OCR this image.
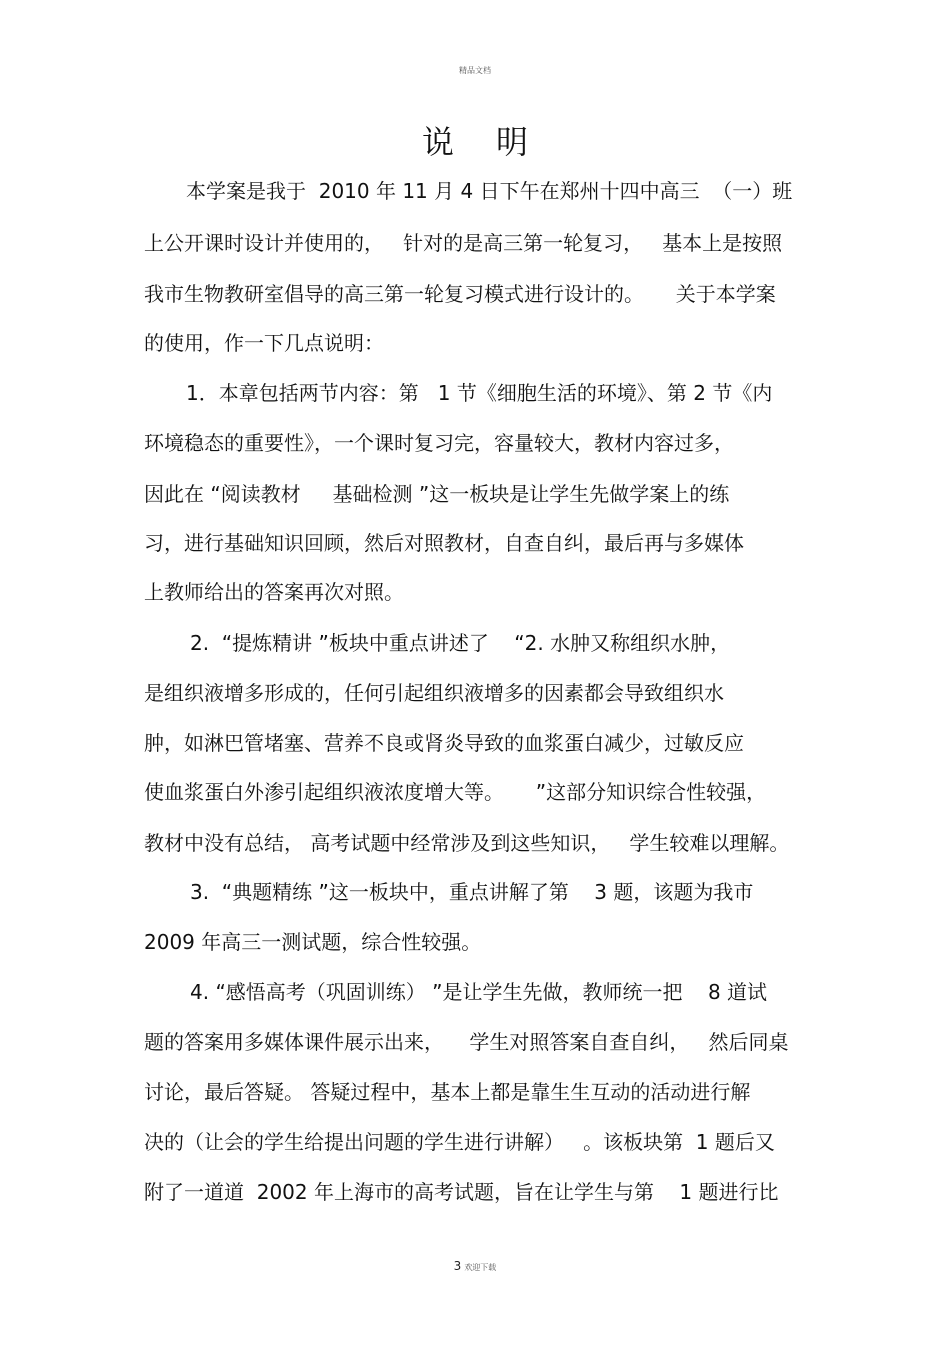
精品文档
说明
本学案是我于  2010 年 11 月 4 日下午在郑州十四中高三  （一）班
上公开课时设计并使用的，   针对的是高三第一轮复习，   基本上是按照
我市生物教研室倡导的高三第一轮复习模式进行设计的。     关于本学案
的使用，作一下几点说明：
1．本章包括两节内容：第   1 节《细胞生活的环境》、第 2 节《内
环境稳态的重要性》，一个课时复习完，容量较大，教材内容过多，
因此在 “阅读教材     基础检测 ”这一板块是让学生先做学案上的练
习，进行基础知识回顾，然后对照教材，自查自纠，最后再与多媒体
上教师给出的答案再次对照。
2.  “提炼精讲 ”板块中重点讲述了    “2. 水肿又称组织水肿，
是组织液增多形成的，任何引起组织液增多的因素都会导致组织水
肿，如淋巴管堵塞、营养不良或肾炎导致的血浆蛋白减少，过敏反应
使血浆蛋白外渗引起组织液浓度增大等。     ”这部分知识综合性较强，
教材中没有总结， 高考试题中经常涉及到这些知识，   学生较难以理解。
3.  “典题精练 ”这一板块中，重点讲解了第    3 题，该题为我市
2009 年高三一测试题，综合性较强。
4. “感悟高考（巩固训练） ”是让学生先做，教师统一把    8 道试
题的答案用多媒体课件展示出来，    学生对照答案自查自纠，   然后同桌
讨论，最后答疑。 答疑过程中，基本上都是靠生生互动的活动进行解
决的（让会的学生给提出问题的学生进行讲解）   。该板块第  1 题后又
附了一道道  2002 年上海市的高考试题，旨在让学生与第    1 题进行比
3 欢迎下载
